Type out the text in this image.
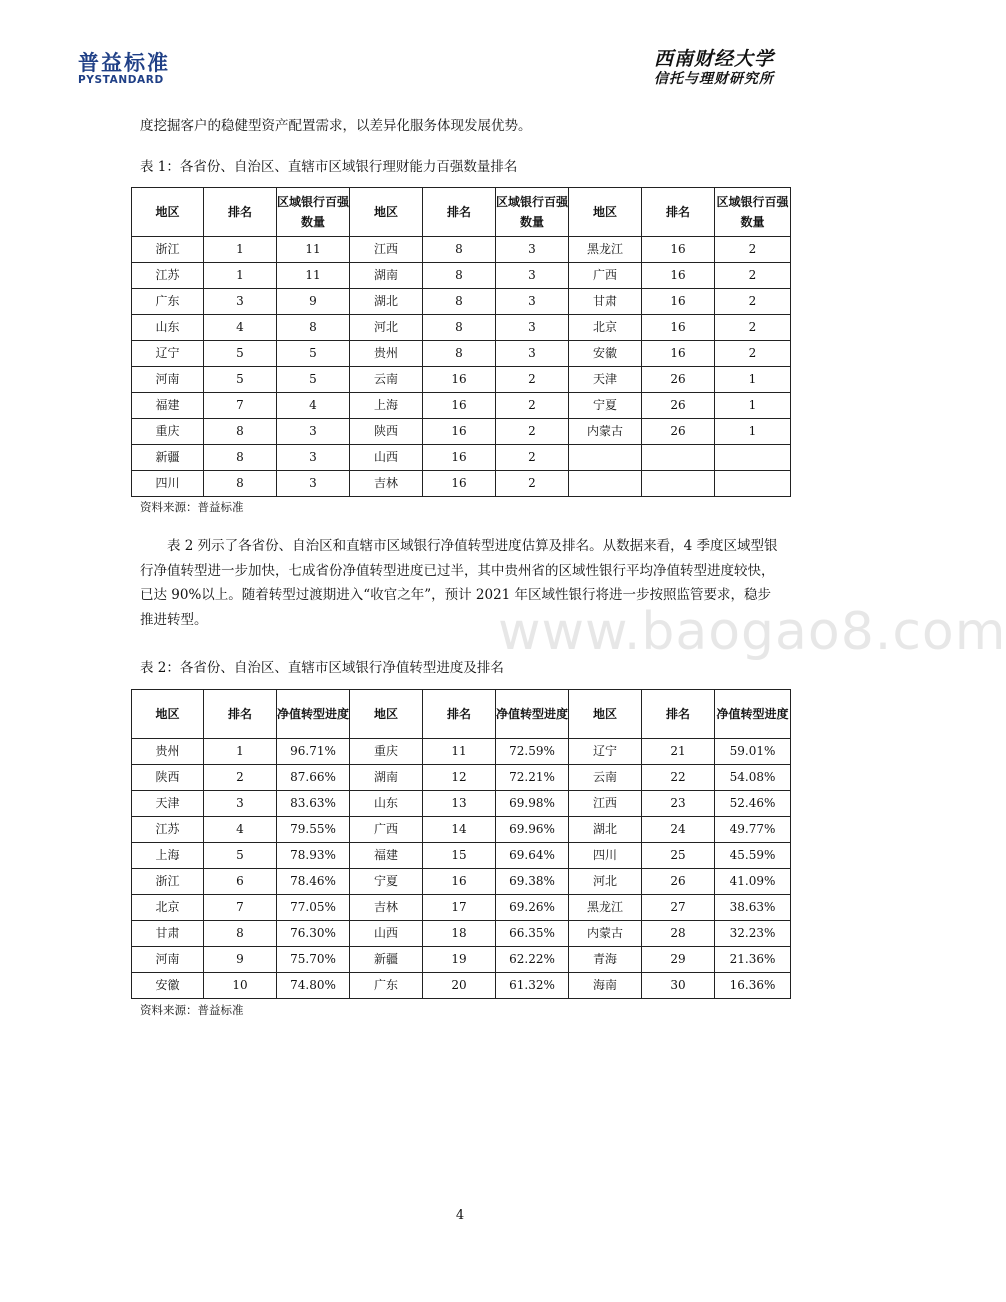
普益标准
PYSTANDARD
西南财经大学
信托与理财研究所

度挖掘客户的稳健型资产配置需求，以差异化服务体现发展优势。

表 1：各省份、自治区、直辖市区域银行理财能力百强数量排名
地区	排名	区域银行百强数量	地区	排名	区域银行百强数量	地区	排名	区域银行百强数量
浙江	1	11	江西	8	3	黑龙江	16	2
江苏	1	11	湖南	8	3	广西	16	2
广东	3	9	湖北	8	3	甘肃	16	2
山东	4	8	河北	8	3	北京	16	2
辽宁	5	5	贵州	8	3	安徽	16	2
河南	5	5	云南	16	2	天津	26	1
福建	7	4	上海	16	2	宁夏	26	1
重庆	8	3	陕西	16	2	内蒙古	26	1
新疆	8	3	山西	16	2			
四川	8	3	吉林	16	2			
资料来源：普益标准

表 2 列示了各省份、自治区和直辖市区域银行净值转型进度估算及排名。从数据来看，4 季度区域型银行净值转型进一步加快，七成省份净值转型进度已过半，其中贵州省的区域性银行平均净值转型进度较快，已达 90%以上。随着转型过渡期进入“收官之年”，预计 2021 年区域性银行将进一步按照监管要求，稳步推进转型。

表 2：各省份、自治区、直辖市区域银行净值转型进度及排名
地区	排名	净值转型进度	地区	排名	净值转型进度	地区	排名	净值转型进度
贵州	1	96.71%	重庆	11	72.59%	辽宁	21	59.01%
陕西	2	87.66%	湖南	12	72.21%	云南	22	54.08%
天津	3	83.63%	山东	13	69.98%	江西	23	52.46%
江苏	4	79.55%	广西	14	69.96%	湖北	24	49.77%
上海	5	78.93%	福建	15	69.64%	四川	25	45.59%
浙江	6	78.46%	宁夏	16	69.38%	河北	26	41.09%
北京	7	77.05%	吉林	17	69.26%	黑龙江	27	38.63%
甘肃	8	76.30%	山西	18	66.35%	内蒙古	28	32.23%
河南	9	75.70%	新疆	19	62.22%	青海	29	21.36%
安徽	10	74.80%	广东	20	61.32%	海南	30	16.36%
资料来源：普益标准
www.baogao8.com
4
